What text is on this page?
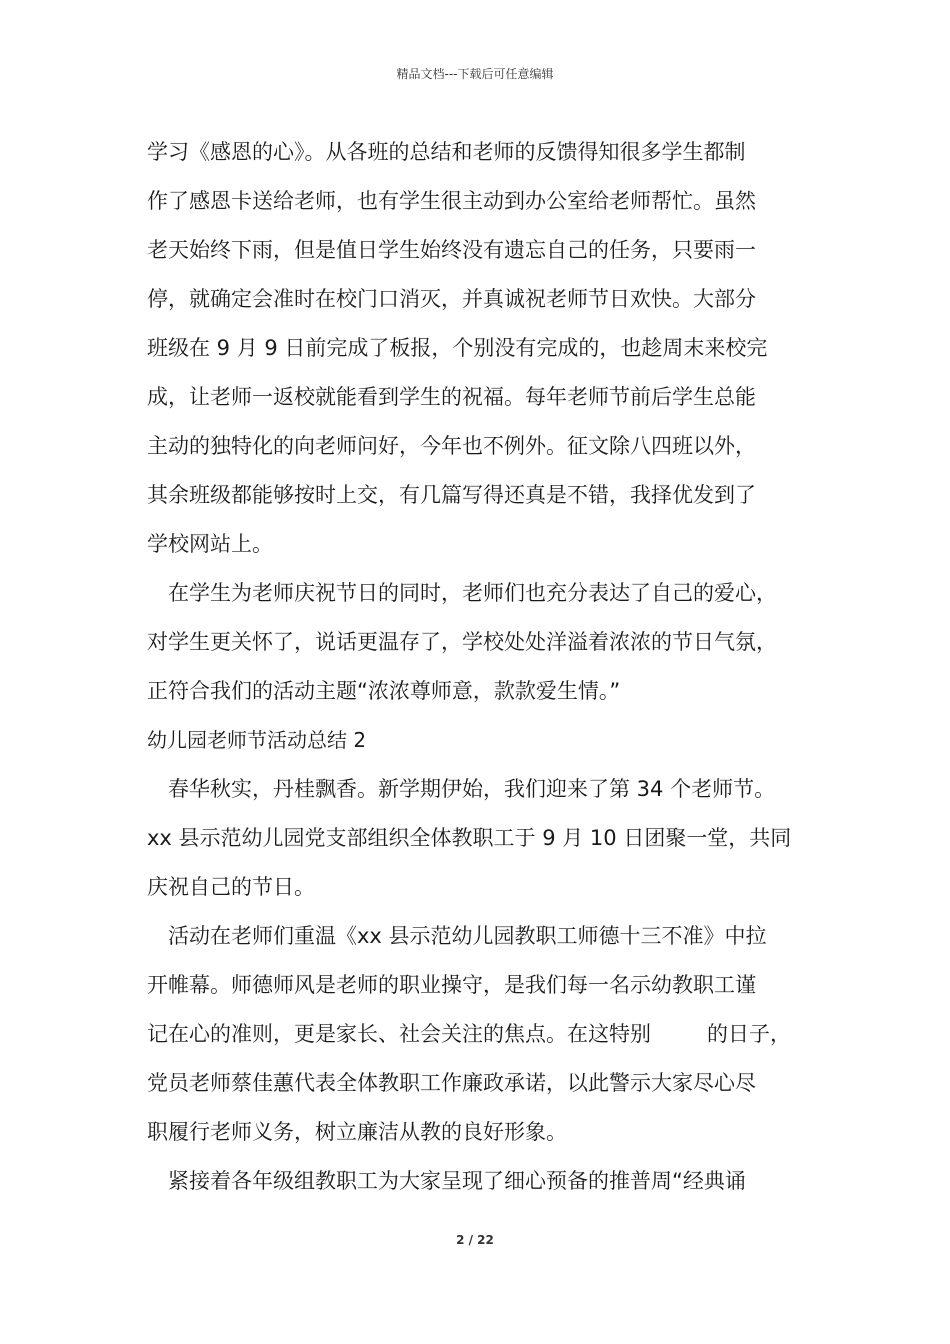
精品文档---下载后可任意编辑
学习《感恩的心》。从各班的总结和老师的反馈得知很多学生都制
作了感恩卡送给老师，也有学生很主动到办公室给老师帮忙。虽然
老天始终下雨，但是值日学生始终没有遗忘自己的任务，只要雨一
停，就确定会准时在校门口消灭，并真诚祝老师节日欢快。大部分
班级在 9 月 9 日前完成了板报，个别没有完成的，也趁周末来校完
成，让老师一返校就能看到学生的祝福。每年老师节前后学生总能
主动的独特化的向老师问好，今年也不例外。征文除八四班以外，
其余班级都能够按时上交，有几篇写得还真是不错，我择优发到了
学校网站上。
在学生为老师庆祝节日的同时，老师们也充分表达了自己的爱心，
对学生更关怀了，说话更温存了，学校处处洋溢着浓浓的节日气氛，
正符合我们的活动主题“浓浓尊师意，款款爱生情。”
幼儿园老师节活动总结 2
春华秋实，丹桂飘香。新学期伊始，我们迎来了第 34 个老师节。
xx 县示范幼儿园党支部组织全体教职工于 9 月 10 日团聚一堂，共同
庆祝自己的节日。
活动在老师们重温《xx 县示范幼儿园教职工师德十三不准》中拉
开帷幕。师德师风是老师的职业操守，是我们每一名示幼教职工谨
记在心的准则，更是家长、社会关注的焦点。在这特别	的日子，
党员老师蔡佳蕙代表全体教职工作廉政承诺，以此警示大家尽心尽
职履行老师义务，树立廉洁从教的良好形象。
紧接着各年级组教职工为大家呈现了细心预备的推普周“经典诵
2 / 22
